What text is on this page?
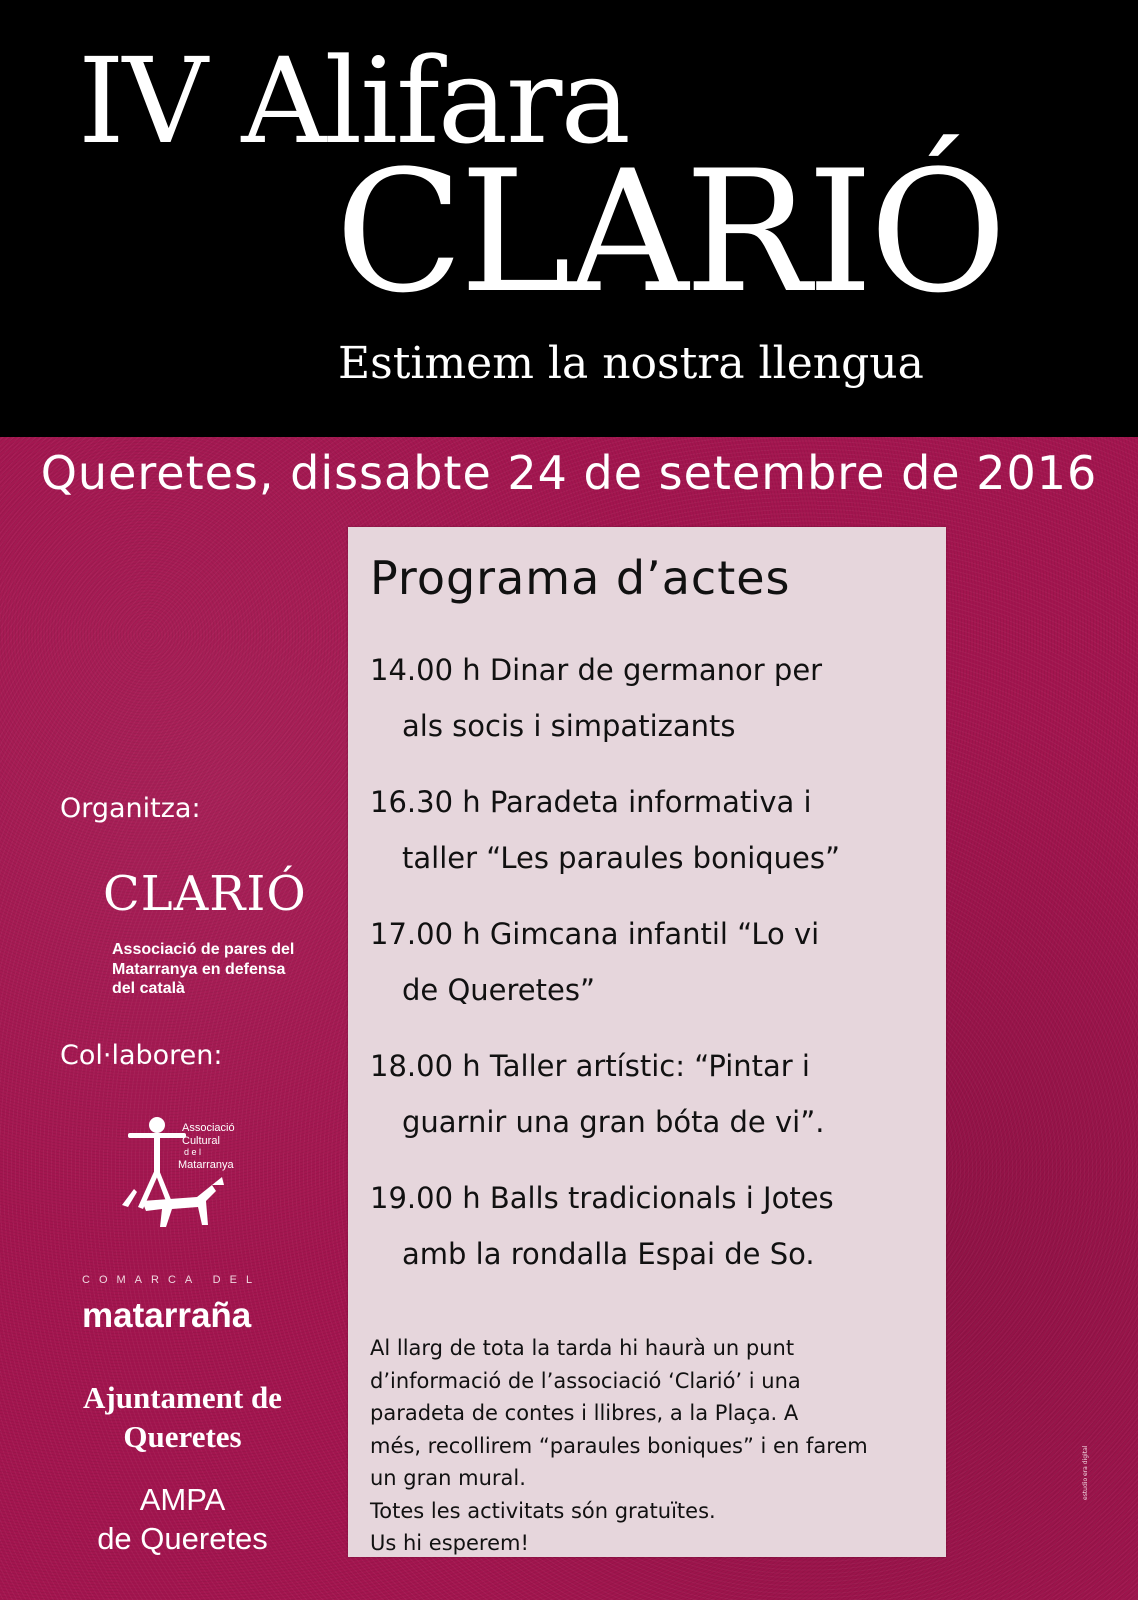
IV Alifara
CLARIÓ
Estimem la nostra llengua
Queretes, dissabte 24 de setembre de 2016
Organitza:
CLARIÓ
Associació de pares del Matarranya en defensa del català
Col·laboren:
Associació
Cultural
d e l
Matarranya
COMARCA DEL
matarraña
Ajuntament de Queretes
AMPA
de Queretes
Programa d’actes
14.00 h Dinar de germanor per
als socis i simpatizants
16.30 h Paradeta informativa i
taller “Les paraules boniques”
17.00 h Gimcana infantil “Lo vi
de Queretes”
18.00 h Taller artístic: “Pintar i
guarnir una gran bóta de vi”.
19.00 h Balls tradicionals i Jotes
amb la rondalla Espai de So.

Al llarg de tota la tarda hi haurà un punt

d’informació de l’associació ‘Clarió’ i una

paradeta de contes i llibres, a la Plaça. A

més, recollirem “paraules boniques” i en farem

un gran mural.

Totes les activitats són gratuïtes.

Us hi esperem!

estudio era digital
